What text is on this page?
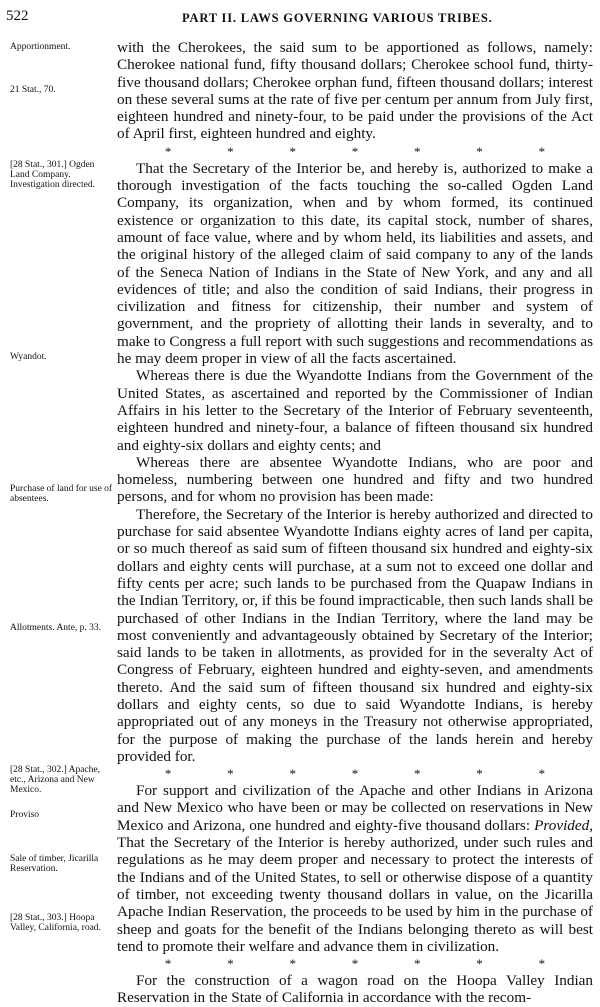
522	PART II. LAWS GOVERNING VARIOUS TRIBES.
Apportionment.
21 Stat., 70.
[28 Stat., 301.] Ogden Land Company. Investigation directed.
Wyandot.
Purchase of land for use of absentees.
Allotments. Ante, p. 33.
[28 Stat., 302.] Apache, etc., Arizona and New Mexico.
Proviso
Sale of timber, Jicarilla Reservation.
[28 Stat., 303.] Hoopa Valley, California, road.

with the Cherokees, the said sum to be apportioned as follows, namely: Cherokee national fund, fifty thousand dollars; Cherokee school fund, thirty-five thousand dollars; Cherokee orphan fund, fifteen thousand dollars; interest on these several sums at the rate of five per centum per annum from July first, eighteen hundred and ninety-four, to be paid under the provisions of the Act of April first, eighteen hundred and eighty.

*	*	*	*	*	*	*

That the Secretary of the Interior be, and hereby is, authorized to make a thorough investigation of the facts touching the so-called Ogden Land Company, its organization, when and by whom formed, its continued existence or organization to this date, its capital stock, number of shares, amount of face value, where and by whom held, its liabilities and assets, and the original history of the alleged claim of said company to any of the lands of the Seneca Nation of Indians in the State of New York, and any and all evidences of title; and also the condition of said Indians, their progress in civilization and fitness for citizenship, their number and system of government, and the propriety of allotting their lands in severalty, and to make to Congress a full report with such suggestions and recommendations as he may deem proper in view of all the facts ascertained.

Whereas there is due the Wyandotte Indians from the Government of the United States, as ascertained and reported by the Commissioner of Indian Affairs in his letter to the Secretary of the Interior of February seventeenth, eighteen hundred and ninety-four, a balance of fifteen thousand six hundred and eighty-six dollars and eighty cents; and

Whereas there are absentee Wyandotte Indians, who are poor and homeless, numbering between one hundred and fifty and two hundred persons, and for whom no provision has been made:

Therefore, the Secretary of the Interior is hereby authorized and directed to purchase for said absentee Wyandotte Indians eighty acres of land per capita, or so much thereof as said sum of fifteen thousand six hundred and eighty-six dollars and eighty cents will purchase, at a sum not to exceed one dollar and fifty cents per acre; such lands to be purchased from the Quapaw Indians in the Indian Territory, or, if this be found impracticable, then such lands shall be purchased of other Indians in the Indian Territory, where the land may be most conveniently and advantageously obtained by Secretary of the Interior; said lands to be taken in allotments, as provided for in the severalty Act of Congress of February, eighteen hundred and eighty-seven, and amendments thereto. And the said sum of fifteen thousand six hundred and eighty-six dollars and eighty cents, so due to said Wyandotte Indians, is hereby appropriated out of any moneys in the Treasury not otherwise appropriated, for the purpose of making the purchase of the lands herein and hereby provided for.

*	*	*	*	*	*	*

For support and civilization of the Apache and other Indians in Arizona and New Mexico who have been or may be collected on reservations in New Mexico and Arizona, one hundred and eighty-five thousand dollars: Provided, That the Secretary of the Interior is hereby authorized, under such rules and regulations as he may deem proper and necessary to protect the interests of the Indians and of the United States, to sell or otherwise dispose of a quantity of timber, not exceeding twenty thousand dollars in value, on the Jicarilla Apache Indian Reservation, the proceeds to be used by him in the purchase of sheep and goats for the benefit of the Indians belonging thereto as will best tend to promote their welfare and advance them in civilization.

*	*	*	*	*	*	*

For the construction of a wagon road on the Hoopa Valley Indian Reservation in the State of California in accordance with the recom-
